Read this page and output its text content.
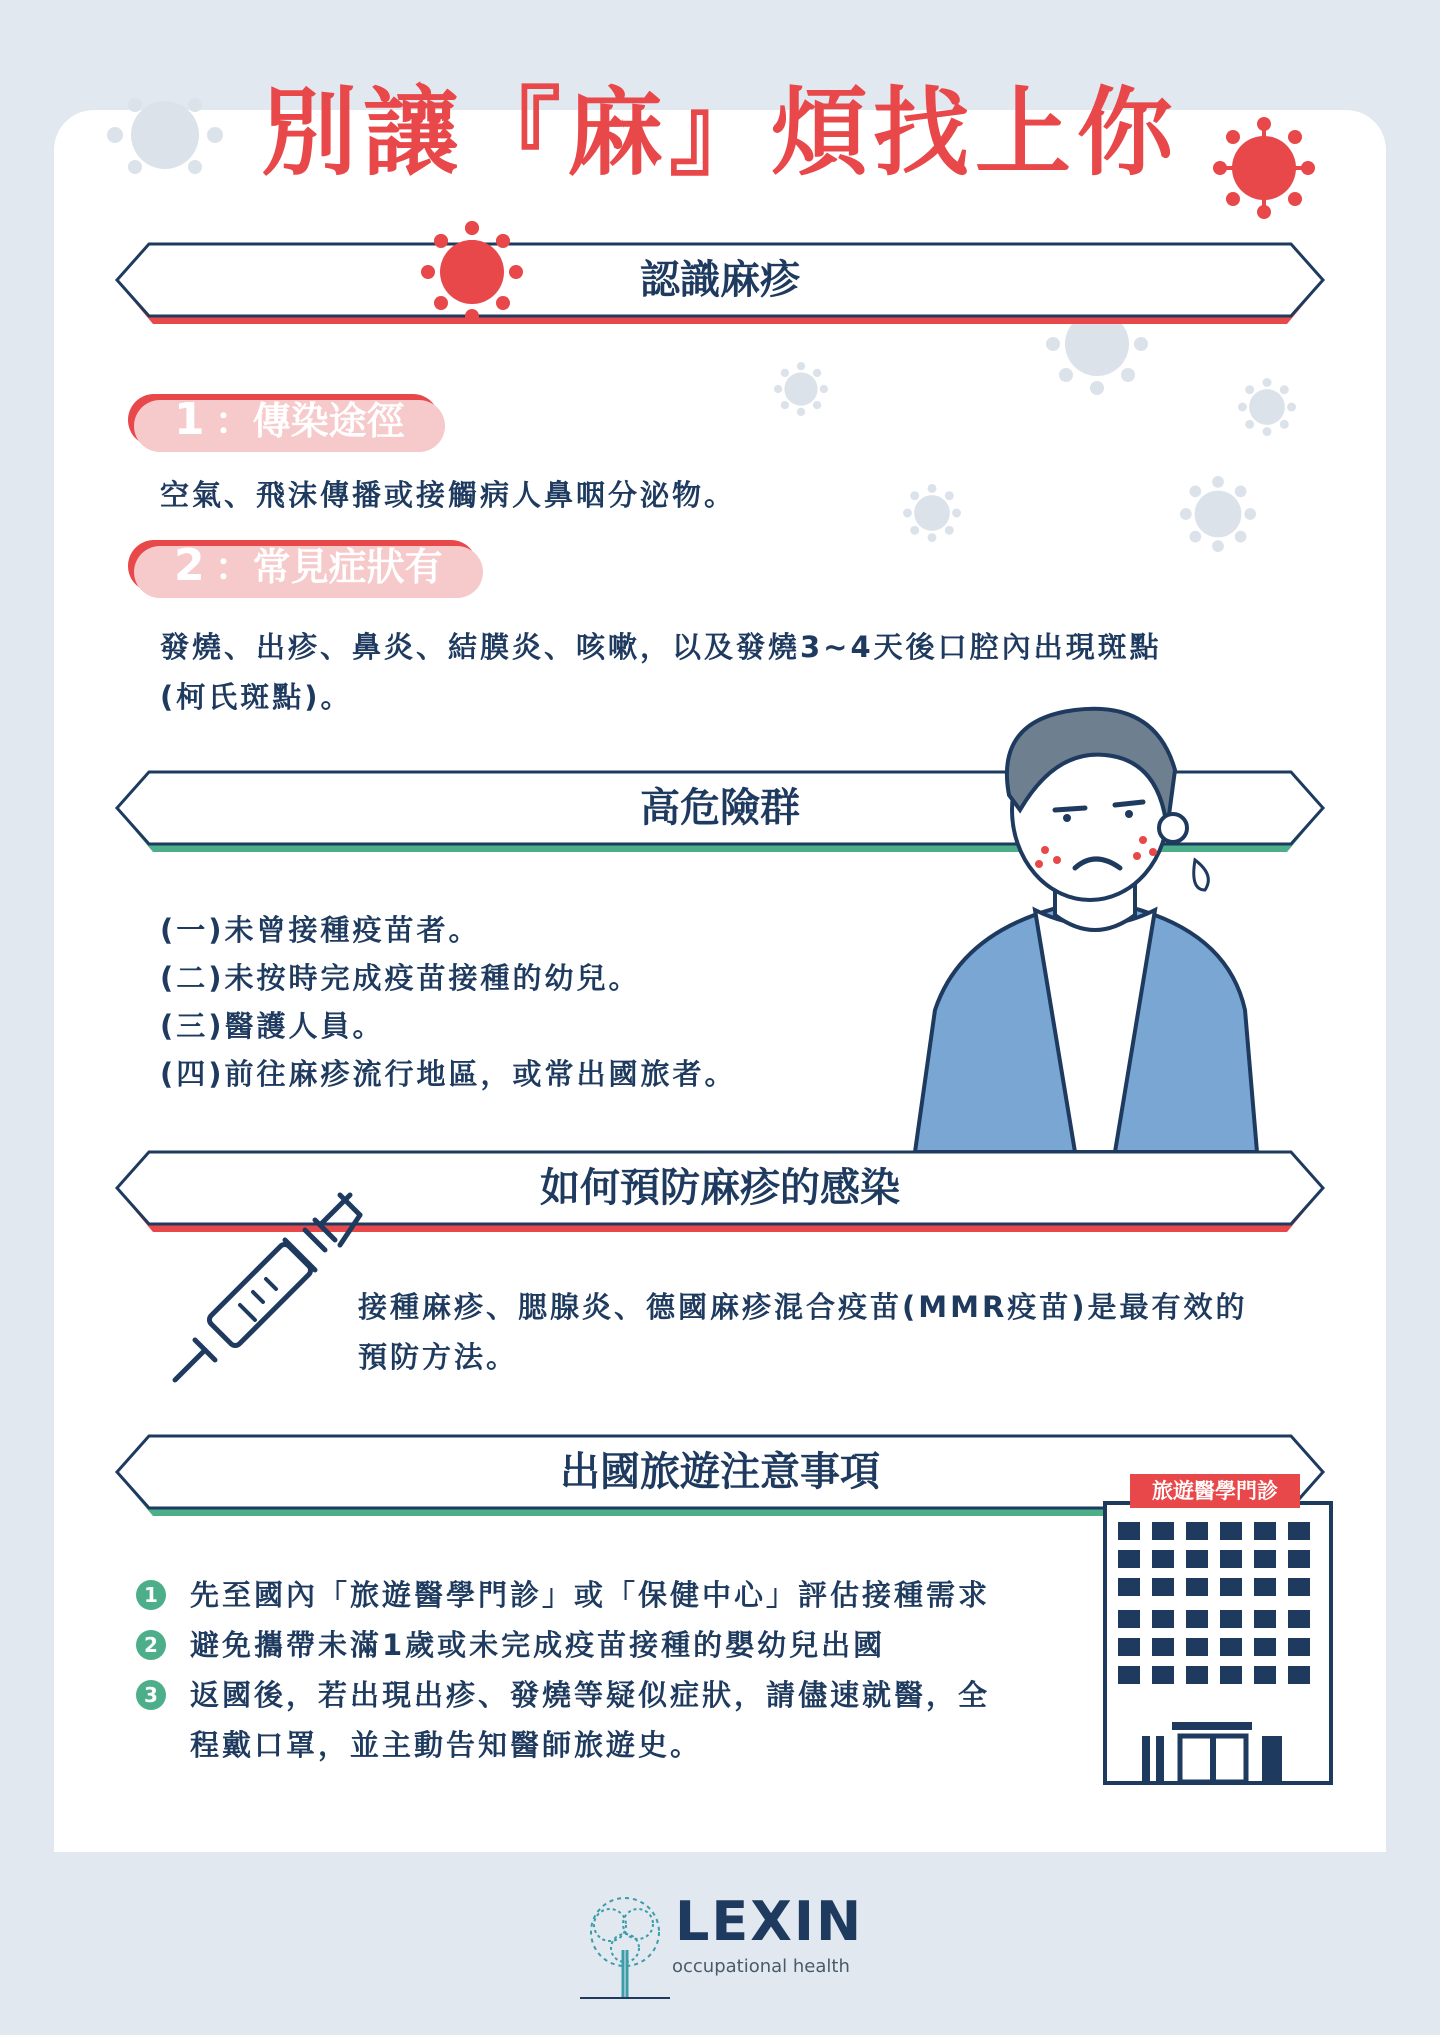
別讓『麻』煩找上你
認識麻疹
1 ：傳染途徑
空氣、飛沫傳播或接觸病人鼻咽分泌物。
2 ：常見症狀有
發燒、出疹、鼻炎、結膜炎、咳嗽，以及發燒3~4天後口腔內出現斑點
(柯氏斑點)。
高危險群
(一)未曾接種疫苗者。
(二)未按時完成疫苗接種的幼兒。
(三)醫護人員。
(四)前往麻疹流行地區，或常出國旅者。
如何預防麻疹的感染
接種麻疹、腮腺炎、德國麻疹混合疫苗(MMR疫苗)是最有效的
預防方法。
出國旅遊注意事項	旅遊醫學門診
1 先至國內「旅遊醫學門診」或「保健中心」評估接種需求
2 避免攜帶未滿1歲或未完成疫苗接種的嬰幼兒出國
3 返國後，若出現出疹、發燒等疑似症狀，請儘速就醫，全
程戴口罩，並主動告知醫師旅遊史。
LEXIN
occupational health
